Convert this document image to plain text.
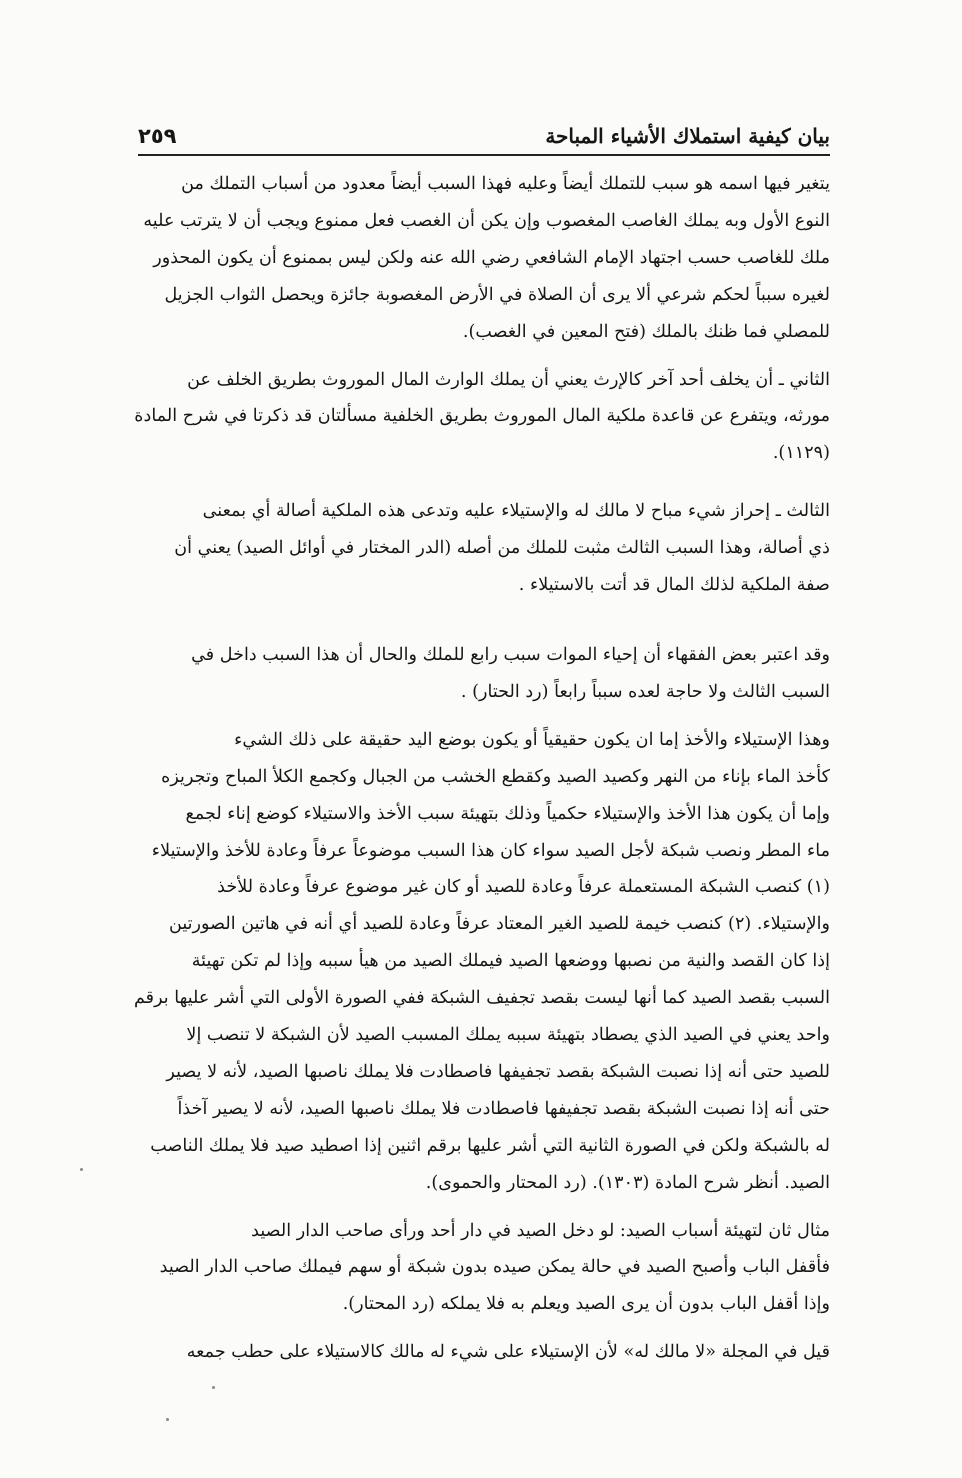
بيان كيفية استملاك الأشياء المباحة
٢٥٩

يتغير فيها اسمه هو سبب للتملك أيضاً وعليه فهذا السبب أيضاً معدود من أسباب التملك من
النوع الأول وبه يملك الغاصب المغصوب وإن يكن أن الغصب فعل ممنوع ويجب أن لا يترتب عليه
ملك للغاصب حسب اجتهاد الإمام الشافعي رضي الله عنه ولكن ليس بممنوع أن يكون المحذور
لغيره سبباً لحكم شرعي ألا يرى أن الصلاة في الأرض المغصوبة جائزة ويحصل الثواب الجزيل
للمصلي فما ظنك بالملك (فتح المعين في الغصب).

الثاني ـ أن يخلف أحد آخر كالإرث يعني أن يملك الوارث المال الموروث بطريق الخلف عن
مورثه، ويتفرع عن قاعدة ملكية المال الموروث بطريق الخلفية مسألتان قد ذكرتا في شرح المادة
(١١٢٩).

الثالث ـ إحراز شيء مباح لا مالك له والإستيلاء عليه وتدعى هذه الملكية أصالة أي بمعنى
ذي أصالة، وهذا السبب الثالث مثبت للملك من أصله (الدر المختار في أوائل الصيد) يعني أن
صفة الملكية لذلك المال قد أتت بالاستيلاء .

وقد اعتبر بعض الفقهاء أن إحياء الموات سبب رابع للملك والحال أن هذا السبب داخل في
السبب الثالث ولا حاجة لعده سبباً رابعاً (رد الحتار) .

وهذا الإستيلاء والأخذ إما ان يكون حقيقياً أو يكون بوضع اليد حقيقة على ذلك الشيء
كأخذ الماء بإناء من النهر وكصيد الصيد وكقطع الخشب من الجبال وكجمع الكلأ المباح وتجريزه
وإما أن يكون هذا الأخذ والإستيلاء حكمياً وذلك بتهيئة سبب الأخذ والاستيلاء كوضع إناء لجمع
ماء المطر ونصب شبكة لأجل الصيد سواء كان هذا السبب موضوعاً عرفاً وعادة للأخذ والإستيلاء
(١) كنصب الشبكة المستعملة عرفاً وعادة للصيد أو كان غير موضوع عرفاً وعادة للأخذ
والإستيلاء. (٢) كنصب خيمة للصيد الغير المعتاد عرفاً وعادة للصيد أي أنه في هاتين الصورتين
إذا كان القصد والنية من نصبها ووضعها الصيد فيملك الصيد من هيأ سببه وإذا لم تكن تهيئة
السبب بقصد الصيد كما أنها ليست بقصد تجفيف الشبكة ففي الصورة الأولى التي أشر عليها برقم
واحد يعني في الصيد الذي يصطاد بتهيئة سببه يملك المسبب الصيد لأن الشبكة لا تنصب إلا
للصيد حتى أنه إذا نصبت الشبكة بقصد تجفيفها فاصطادت فلا يملك ناصبها الصيد، لأنه لا يصير
حتى أنه إذا نصبت الشبكة بقصد تجفيفها فاصطادت فلا يملك ناصبها الصيد، لأنه لا يصير آخذاً
له بالشبكة ولكن في الصورة الثانية التي أشر عليها برقم اثنين إذا اصطيد صيد فلا يملك الناصب
الصيد. أنظر شرح المادة (١٣٠٣). (رد المحتار والحموى).

مثال ثان لتهيئة أسباب الصيد: لو دخل الصيد في دار أحد ورأى صاحب الدار الصيد
فأقفل الباب وأصبح الصيد في حالة يمكن صيده بدون شبكة أو سهم فيملك صاحب الدار الصيد
وإذا أقفل الباب بدون أن يرى الصيد ويعلم به فلا يملكه (رد المحتار).

قيل في المجلة «لا مالك له» لأن الإستيلاء على شيء له مالك كالاستيلاء على حطب جمعه
